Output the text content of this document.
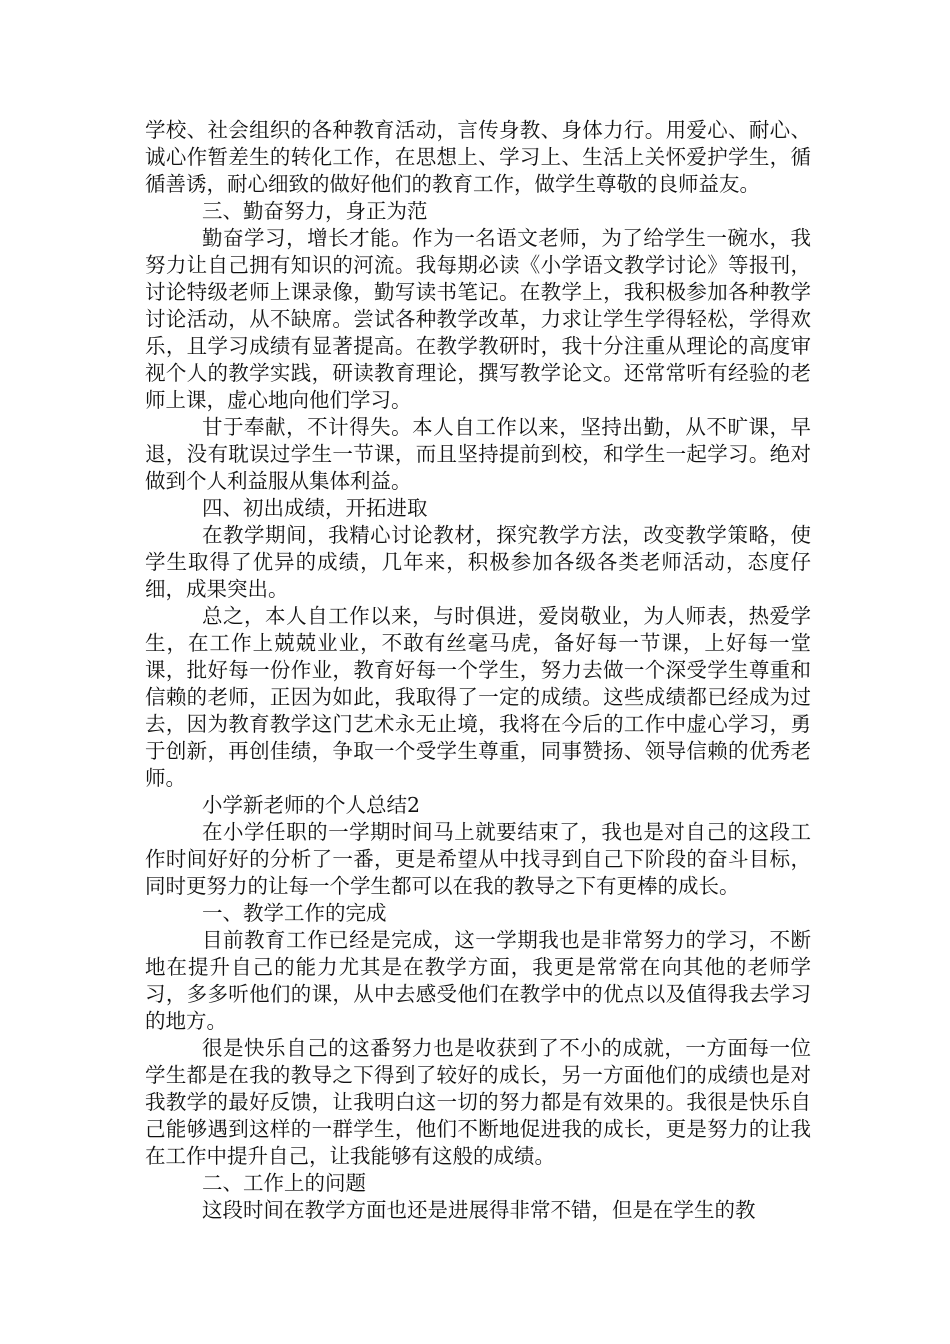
学校、社会组织的各种教育活动，言传身教、身体力行。用爱心、耐心、诚心作暂差生的转化工作，在思想上、学习上、生活上关怀爱护学生，循循善诱，耐心细致的做好他们的教育工作，做学生尊敬的良师益友。

三、勤奋努力，身正为范

勤奋学习，增长才能。作为一名语文老师，为了给学生一碗水，我努力让自己拥有知识的河流。我每期必读《小学语文教学讨论》等报刊，讨论特级老师上课录像，勤写读书笔记。在教学上，我积极参加各种教学讨论活动，从不缺席。尝试各种教学改革，力求让学生学得轻松，学得欢乐，且学习成绩有显著提高。在教学教研时，我十分注重从理论的高度审视个人的教学实践，研读教育理论，撰写教学论文。还常常听有经验的老师上课，虚心地向他们学习。

甘于奉献，不计得失。本人自工作以来，坚持出勤，从不旷课，早退，没有耽误过学生一节课，而且坚持提前到校，和学生一起学习。绝对做到个人利益服从集体利益。

四、初出成绩，开拓进取

在教学期间，我精心讨论教材，探究教学方法，改变教学策略，使学生取得了优异的成绩，几年来，积极参加各级各类老师活动，态度仔细，成果突出。

总之，本人自工作以来，与时俱进，爱岗敬业，为人师表，热爱学生，在工作上兢兢业业，不敢有丝毫马虎，备好每一节课，上好每一堂课，批好每一份作业，教育好每一个学生，努力去做一个深受学生尊重和信赖的老师，正因为如此，我取得了一定的成绩。这些成绩都已经成为过去，因为教育教学这门艺术永无止境，我将在今后的工作中虚心学习，勇于创新，再创佳绩，争取一个受学生尊重，同事赞扬、领导信赖的优秀老师。

小学新老师的个人总结2

在小学任职的一学期时间马上就要结束了，我也是对自己的这段工作时间好好的分析了一番，更是希望从中找寻到自己下阶段的奋斗目标，同时更努力的让每一个学生都可以在我的教导之下有更棒的成长。

一、教学工作的完成

目前教育工作已经是完成，这一学期我也是非常努力的学习，不断地在提升自己的能力尤其是在教学方面，我更是常常在向其他的老师学习，多多听他们的课，从中去感受他们在教学中的优点以及值得我去学习的地方。

很是快乐自己的这番努力也是收获到了不小的成就，一方面每一位学生都是在我的教导之下得到了较好的成长，另一方面他们的成绩也是对我教学的最好反馈，让我明白这一切的努力都是有效果的。我很是快乐自己能够遇到这样的一群学生，他们不断地促进我的成长，更是努力的让我在工作中提升自己，让我能够有这般的成绩。

二、工作上的问题

这段时间在教学方面也还是进展得非常不错，但是在学生的教
